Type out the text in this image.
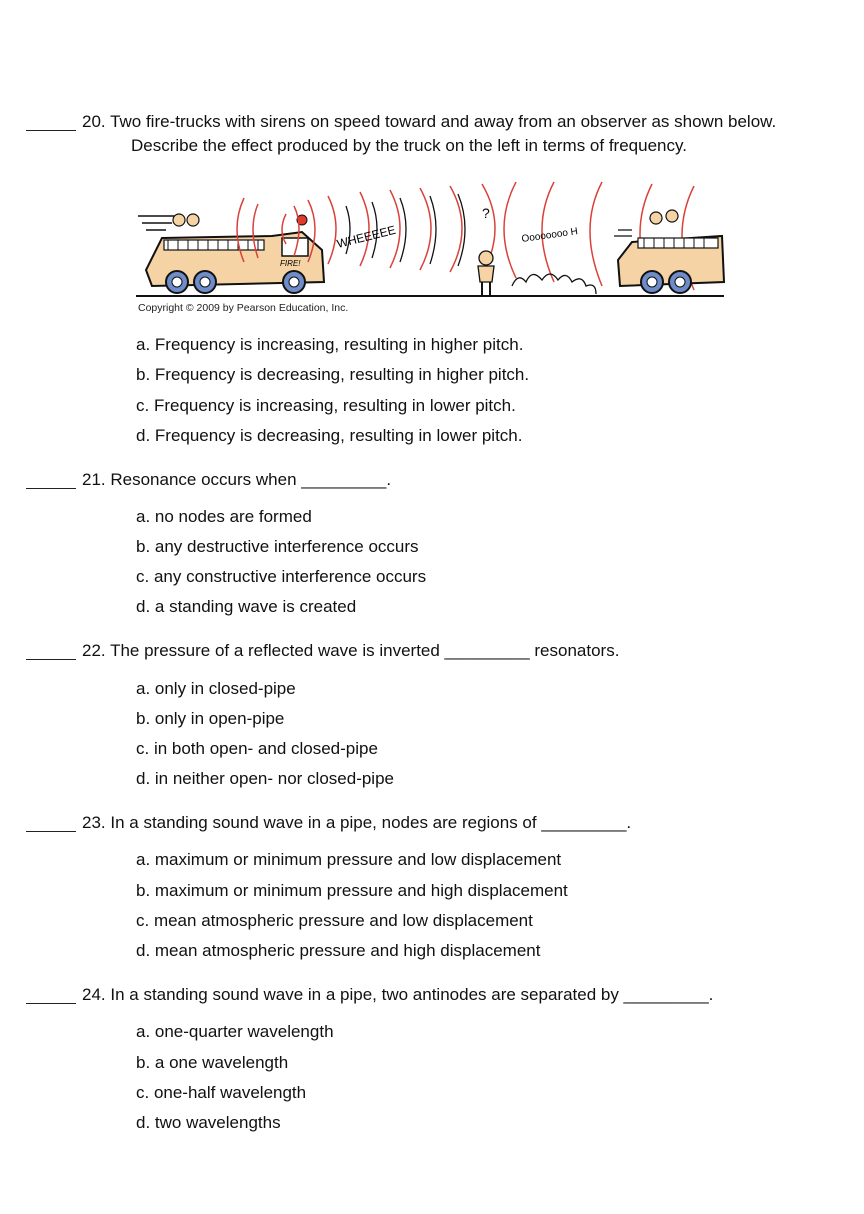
20. Two fire-trucks with sirens on speed toward and away from an observer as shown below.
Describe the effect produced by the truck on the left in terms of frequency.
FIRE!
WHEEEEE
?
Oooooooo H
Copyright © 2009 by Pearson Education, Inc.
a. Frequency is increasing, resulting in higher pitch.
b. Frequency is decreasing, resulting in higher pitch.
c. Frequency is increasing, resulting in lower pitch.
d. Frequency is decreasing, resulting in lower pitch.
21. Resonance occurs when _________.
a. no nodes are formed
b. any destructive interference occurs
c. any constructive interference occurs
d. a standing wave is created
22. The pressure of a reflected wave is inverted _________ resonators.
a. only in closed-pipe
b. only in open-pipe
c. in both open- and closed-pipe
d. in neither open- nor closed-pipe
23. In a standing sound wave in a pipe, nodes are regions of _________.
a. maximum or minimum pressure and low displacement
b. maximum or minimum pressure and high displacement
c. mean atmospheric pressure and low displacement
d. mean atmospheric pressure and high displacement
24. In a standing sound wave in a pipe, two antinodes are separated by _________.
a. one-quarter wavelength
b. a one wavelength
c. one-half wavelength
d. two wavelengths
